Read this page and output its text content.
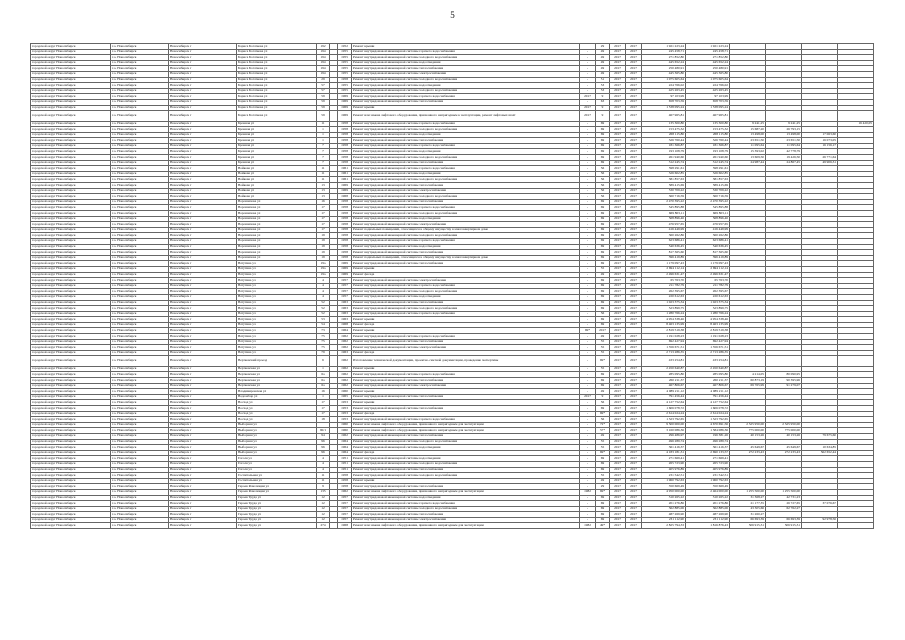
5
городской округ Новосибирск	г.о. Новосибирск	Новосибирск г	Бориса Богаткова ул	192		1952	Ремонт крыши		29	2017	2017	1 921 223,24	1 921 223,24				
городской округ Новосибирск	г.о. Новосибирск	Новосибирск г	Бориса Богаткова ул	194		1955	Ремонт внутридомовой инженерной системы горячего водоснабжения	-	49	2017	2017	245 458,71	245 458,71				
городской округ Новосибирск	г.о. Новосибирск	Новосибирск г	Бориса Богаткова ул	194		1955	Ремонт внутридомовой инженерной системы холодного водоснабжения	-	49	2017	2017	271 852,80	271 852,80				
городской округ Новосибирск	г.о. Новосибирск	Новосибирск г	Бориса Богаткова ул	194		1955	Ремонт внутридомовой инженерной системы водоотведения	-	49	2017	2017	445 652,24	445 652,24				
городской округ Новосибирск	г.о. Новосибирск	Новосибирск г	Бориса Богаткова ул	194		1955	Ремонт внутридомовой инженерной системы теплоснабжения	-	49	2017	2017	250 480,91	250 480,91				
городской округ Новосибирск	г.о. Новосибирск	Новосибирск г	Бориса Богаткова ул	194		1955	Ремонт внутридомовой инженерной системы электроснабжения	-	49	2017	2017	445 365,80	445 365,80				
городской округ Новосибирск	г.о. Новосибирск	Новосибирск г	Бориса Богаткова ул	29		1958	Ремонт внутридомовой инженерной системы холодного водоснабжения	-	51	2017	2017	1 075 605,64	1 075 605,64				
городской округ Новосибирск	г.о. Новосибирск	Новосибирск г	Бориса Богаткова ул	57		1955	Ремонт внутридомовой инженерной системы водоотведения	-	53	2017	2017	224 766,02	224 766,02				
городской округ Новосибирск	г.о. Новосибирск	Новосибирск г	Бориса Богаткова ул	57		1955	Ремонт внутридомовой инженерной системы холодного водоснабжения	-	53	2017	2017	425 263,45	425 263,45				
городской округ Новосибирск	г.о. Новосибирск	Новосибирск г	Бориса Богаткова ул	59		1969	Ремонт внутридомовой инженерной системы горячего водоснабжения	2017	9	2017	2017	97 103,99	97 103,99				
городской округ Новосибирск	г.о. Новосибирск	Новосибирск г	Бориса Богаткова ул	59		1969	Ремонт внутридомовой инженерной системы теплоснабжения	-	63	2017	2017	658 703,59	658 703,59				
городской округ Новосибирск	г.о. Новосибирск	Новосибирск г	Бориса Богаткова ул	59		1969	Ремонт крыши	2017	9	2017	2017	1 538 095,24	1 538 095,24				
городской округ Новосибирск	г.о. Новосибирск	Новосибирск г	Бориса Богаткова ул	59		1969	Ремонт или замена лифтового оборудования, признанного непригодным к эксплуатации, ремонт лифтовых шахт	2017	9	2017	2017	467 965,81	467 965,81				
городской округ Новосибирск	г.о. Новосибирск	Новосибирск г	Бронная ул	11		1958	Ремонт внутридомовой инженерной системы горячего водоснабжения	-	69	2017	2017	135 300,80	135 300,80	9 241,25	9 241,25		16 420,05
городской округ Новосибирск	г.о. Новосибирск	Новосибирск г	Бронная ул	1		1958	Ремонт внутридомовой инженерной системы холодного водоснабжения	-	69	2017	2017	153 475,32	153 475,32	15 687,20	26 793,15		
городской округ Новосибирск	г.о. Новосибирск	Новосибирск г	Бронная ул	1		1958	Ремонт внутридомовой инженерной системы водоотведения	-	69	2017	2017	268 115,80	268 115,80	13 498,00	13 498,00	17 063,60	
городской округ Новосибирск	г.о. Новосибирск	Новосибирск г	Бронная ул	1		1958	Ремонт внутридомовой инженерной системы теплоснабжения	-	69	2017	2017	326 760,44	326 760,44	23 651,50	23 651,50	16 073,05	
городской округ Новосибирск	г.о. Новосибирск	Новосибирск г	Бронная ул	7		1958	Ремонт внутридомовой инженерной системы горячего водоснабжения	-	69	2017	2017	181 366,87	181 366,87	11 095,64	11 095,64	16 156,17	
городской округ Новосибирск	г.о. Новосибирск	Новосибирск г	Бронная ул	7		1958	Ремонт внутридомовой инженерной системы водоотведения	-	69	2017	2017	193 108,79	193 108,79	15 393,02	42 778,79		
городской округ Новосибирск	г.о. Новосибирск	Новосибирск г	Бронная ул	7		1958	Ремонт внутридомовой инженерной системы холодного водоснабжения	-	69	2017	2017	261 940,60	261 940,60	13 609,50	19 426,50	26 771,64	
городской округ Новосибирск	г.о. Новосибирск	Новосибирск г	Бронная ул	7		1958	Ремонт внутридомовой инженерной системы теплоснабжения	-	69	2017	2017	312 245,74	312 245,74	24 987,44	24 867,45	49 906,31	
городской округ Новосибирск	г.о. Новосибирск	Новосибирск г	Войкова ул	11		1961	Ремонт внутридомовой инженерной системы горячего водоснабжения	-	56	2017	2017	598 291,61	598 291,61				
городской округ Новосибирск	г.о. Новосибирск	Новосибирск г	Войкова ул	11		1961	Ремонт внутридомовой инженерной системы водоотведения	-	56	2017	2017	326 602,85	326 602,85				
городской округ Новосибирск	г.о. Новосибирск	Новосибирск г	Войкова ул	11		1961	Ремонт внутридомовой инженерной системы холодного водоснабжения	-	56	2017	2017	381 857,63	381 857,63				
городской округ Новосибирск	г.о. Новосибирск	Новосибирск г	Войкова ул	13		1969	Ремонт внутридомовой инженерной системы теплоснабжения	-	56	2017	2017	589 415,69	589 415,69				
городской округ Новосибирск	г.о. Новосибирск	Новосибирск г	Войкова ул	13		1969	Ремонт внутридомовой инженерной системы электроснабжения	-	56	2017	2017	530 709,22	530 709,22				
городской округ Новосибирск	г.о. Новосибирск	Новосибирск г	Войкова ул	13		1968	Ремонт внутридомовой инженерной системы холодного водоснабжения	-	56	2017	2017	360 716,59	360 716,59				
городской округ Новосибирск	г.о. Новосибирск	Новосибирск г	Ворошилова ул	16		1958	Ремонт внутридомовой инженерной системы теплоснабжения	-	69	2017	2017	2 470 395,22	2 470 395,22				
городской округ Новосибирск	г.о. Новосибирск	Новосибирск г	Ворошилова ул	17		1958	Ремонт внутридомовой инженерной системы горячего водоснабжения	-	69	2017	2017	545 895,88	545 895,88				
городской округ Новосибирск	г.о. Новосибирск	Новосибирск г	Ворошилова ул	17		1958	Ремонт внутридомовой инженерной системы холодного водоснабжения	-	69	2017	2017	669 803,11	669 803,11				
городской округ Новосибирск	г.о. Новосибирск	Новосибирск г	Ворошилова ул	17		1958	Ремонт внутридомовой инженерной системы водоотведения	-	69	2017	2017	568 896,46	568 896,46				
городской округ Новосибирск	г.о. Новосибирск	Новосибирск г	Ворошилова ул	17		1958	Ремонт внутридомовой инженерной системы электроснабжения	-	69	2017	2017	476 957,65	476 957,65				
городской округ Новосибирск	г.о. Новосибирск	Новосибирск г	Ворошилова ул	17		1958	Ремонт подвальных помещений, относящихся к общему имуществу в многоквартирном доме	-	69	2017	2017	416 449,99	416 449,99				
городской округ Новосибирск	г.о. Новосибирск	Новосибирск г	Ворошилова ул	19		1958	Ремонт внутридомовой инженерной системы холодного водоснабжения	-	69	2017	2017	360 262,86	360 262,86				
городской округ Новосибирск	г.о. Новосибирск	Новосибирск г	Ворошилова ул	19		1958	Ремонт внутридомовой инженерной системы горячего водоснабжения	-	69	2017	2017	623 686,41	623 686,41				
городской округ Новосибирск	г.о. Новосибирск	Новосибирск г	Ворошилова ул	19		1958	Ремонт внутридомовой инженерной системы водоотведения	-	69	2017	2017	540 636,45	540 636,45				
городской округ Новосибирск	г.о. Новосибирск	Новосибирск г	Ворошилова ул	19		1958	Ремонт внутридомовой инженерной системы теплоснабжения	-	69	2017	2017	817 365,60	817 365,60				
городской округ Новосибирск	г.о. Новосибирск	Новосибирск г	Ворошилова ул	19		1958	Ремонт подвальных помещений, относящихся к общему имуществу в многоквартирном доме	-	69	2017	2017	396 419,89	396 419,89				
городской округ Новосибирск	г.о. Новосибирск	Новосибирск г	Ватутина ул	19a		1969	Ремонт внутридомовой инженерной системы теплоснабжения	-	69	2017	2017	1 179 097,43	1 179 097,43				
городской округ Новосибирск	г.о. Новосибирск	Новосибирск г	Ватутина ул	19a		1969	Ремонт крыши	-	55	2017	2017	2 694 112,14	2 694 112,14				
городской округ Новосибирск	г.о. Новосибирск	Новосибирск г	Ватутина ул	19a		1969	Ремонт фасада	-	49	2017	2017	2 496 631,47	2 496 631,47				
городской округ Новосибирск	г.о. Новосибирск	Новосибирск г	Ватутина ул	4		1957	Ремонт внутридомовой инженерной системы электроснабжения	-	69	2017	2017	65 763,70	65 763,70				
городской округ Новосибирск	г.о. Новосибирск	Новосибирск г	Ватутина ул	4		1957	Ремонт внутридомовой инженерной системы горячего водоснабжения	-	69	2017	2017	211 782,79	211 782,79				
городской округ Новосибирск	г.о. Новосибирск	Новосибирск г	Ватутина ул	4		1957	Ремонт внутридомовой инженерной системы холодного водоснабжения	-	69	2017	2017	262 395,67	262 395,67				
городской округ Новосибирск	г.о. Новосибирск	Новосибирск г	Ватутина ул	4		1957	Ремонт внутридомовой инженерной системы водоотведения	-	69	2017	2017	220 612,63	220 612,63				
городской округ Новосибирск	г.о. Новосибирск	Новосибирск г	Ватутина ул	52		1963	Ремонт внутридомовой инженерной системы теплоснабжения	-	69	2017	2017	1 023 375,34	1 023 375,34				
городской округ Новосибирск	г.о. Новосибирск	Новосибирск г	Ватутина ул	52		1963	Ремонт внутридомовой инженерной системы холодного водоснабжения	-	69	2017	2017	523 899,75	523 899,75				
городской округ Новосибирск	г.о. Новосибирск	Новосибирск г	Ватутина ул	52		1963	Ремонт внутридомовой инженерной системы горячего водоснабжения	-	56	2017	2017	1 280 766,24	1 280 766,24				
городской округ Новосибирск	г.о. Новосибирск	Новосибирск г	Ватутина ул	53		1963	Ремонт крыши	-	69	2017	2017	4 954 338,46	4 954 338,46				
городской округ Новосибирск	г.о. Новосибирск	Новосибирск г	Ватутина ул	54		1968	Ремонт фасада	-	69	2017	2017	8 463 135,99	8 463 135,99				
городской округ Новосибирск	г.о. Новосибирск	Новосибирск г	Ватутина ул	73		1964	Ремонт крыши	69*	2017	2017		2 819 519,38	2 819 519,38				
городской округ Новосибирск	г.о. Новосибирск	Новосибирск г	Ватутина ул	75		1962	Ремонт внутридомовой инженерной системы горячего водоснабжения	-	49	2017	2017	1 191 028,23	1 191 028,23				
городской округ Новосибирск	г.о. Новосибирск	Новосибирск г	Ватутина ул	75		1962	Ремонт внутридомовой инженерной системы теплоснабжения	-	55	2017	2017	692 427,94	692 427,94				
городской округ Новосибирск	г.о. Новосибирск	Новосибирск г	Ватутина ул	75		1962	Ремонт внутридомовой инженерной системы электроснабжения	-	55	2017	2017	1 356 671,51	1 356 671,51				
городской округ Новосибирск	г.о. Новосибирск	Новосибирск г	Ватутина ул	79		1963	Ремонт фасада	-	55	2017	2017	2 713 286,35	2 713 286,35				
городской округ Новосибирск	г.о. Новосибирск	Новосибирск г	Вертковский проезд	6		1962	Изготовление технической документации, проектно-сметной документации, проведение экспертизы	-	69*	2017	2017	433 254,81	433 254,81				
городской округ Новосибирск	г.о. Новосибирск	Новосибирск г	Вертковская ул	1		1962	Ремонт крыши	-	55	2017	2017	2 450 640,87	2 450 640,87				
городской округ Новосибирск	г.о. Новосибирск	Новосибирск г	Вертковская ул	6a		1962	Ремонт внутридомовой инженерной системы горячего водоснабжения	-	69	2017	2017	285 095,80	285 095,80	4 214,05	80 090,95		
городской округ Новосибирск	г.о. Новосибирск	Новосибирск г	Вертковская ул	6a		1962	Ремонт внутридомовой инженерной системы теплоснабжения	-	69	2017	2017	260 211,37	260 211,37	60 873,19	90 395,96		
городской округ Новосибирск	г.о. Новосибирск	Новосибирск г	Вертковская ул	6a		1962	Ремонт внутридомовой инженерной системы электроснабжения	-	69	2017	2017	467 806,67	467 806,67	69 765,99	91 279,07		
городской округ Новосибирск	г.о. Новосибирск	Новосибирск г	Владимировская ул	16		1960	Ремонт крыши	-	49	2017	2017	4 089 211,12	4 089 211,12				
городской округ Новосибирск	г.о. Новосибирск	Новосибирск г	Водозабор ул	1		1965	Ремонт внутридомовой инженерной системы теплоснабжения	2017	9	2017	2017	791 456,44	791 456,44				
городской округ Новосибирск	г.о. Новосибирск	Новосибирск г	Восход ул	17		1953	Ремонт крыши	-	56	2017	2017	4 127 752,64	4 127 752,64				
городской округ Новосибирск	г.о. Новосибирск	Новосибирск г	Восход ул	17		1953	Ремонт внутридомовой инженерной системы теплоснабжения	-	69	2017	2017	1 606 078,72	1 606 078,72				
городской округ Новосибирск	г.о. Новосибирск	Новосибирск г	Восход ул	17		1953	Ремонт фасада	-	69*	2017	2017	2 614 024,24	2 614 024,24				
городской округ Новосибирск	г.о. Новосибирск	Новосибирск г	Восход ул	18		1953	Ремонт внутридомовой инженерной системы горячего водоснабжения	-	56	2017	2017	1 323 792,65	1 323 792,65				
городской округ Новосибирск	г.о. Новосибирск	Новосибирск г	Выборная ул			1960	Ремонт или замена лифтового оборудования, признанного непригодным для эксплуатации	-	72*	2017	2017	9 500 000,00	4 670 691,56	2 325 950,00	2 325 950,00		
городской округ Новосибирск	г.о. Новосибирск	Новосибирск г	Выборная ул	90/1		1960	Ремонт или замена лифтового оборудования, признанного непригодным для эксплуатации	-	57*	2017	2017	3 160 086,36	1 584 086,36	775 000,00	775 000,00		
городской округ Новосибирск	г.о. Новосибирск	Новосибирск г	Выборная ул	94		1962	Ремонт внутридомовой инженерной системы теплоснабжения	-	49	2017	2017	296 486,97	196 381,26	40 153,26	40 153,26	79 675,60	
городской округ Новосибирск	г.о. Новосибирск	Новосибирск г	Выборная ул	96		1964	Ремонт внутридомовой инженерной системы холодного водоснабжения	-	55	2017	2017	496 289,74	496 289,74				
городской округ Новосибирск	г.о. Новосибирск	Новосибирск г	Выборная ул	96		1964	Ремонт внутридомовой инженерной системы водоотведения	-	55	2017	2017	361 416,37	361 416,37	45 649,67	45 649,67	10 634,85	
городской округ Новосибирск	г.о. Новосибирск	Новосибирск г	Выборная ул	96		1964	Ремонт фасада	-	69*	2017	2017	4 183 181,31	2 690 133,57	272 233,43	272 233,43	562 652,44	
городской округ Новосибирск	г.о. Новосибирск	Новосибирск г	Гоголя ул	4		1951	Ремонт внутридомовой инженерной системы водоотведения	-	69	2017	2017	271 669,41	271 669,41				
городской округ Новосибирск	г.о. Новосибирск	Новосибирск г	Гоголя ул	4		1951	Ремонт внутридомовой инженерной системы холодного водоснабжения	-	69	2017	2017	265 723,90	265 723,90				
городской округ Новосибирск	г.о. Новосибирск	Новосибирск г	Гоголя ул	4		1951	Ремонт внутридомовой инженерной системы теплоснабжения	-	69	2017	2017	405 976,89	405 976,89				
городской округ Новосибирск	г.о. Новосибирск	Новосибирск г	Госпитальная ул	11		1958	Ремонт внутридомовой инженерной системы холодного водоснабжения	-	55	2017	2017	231 542,51	231 542,51				
городской округ Новосибирск	г.о. Новосибирск	Новосибирск г	Госпитальная ул	11		1958	Ремонт крыши	-	49	2017	2017	1 960 792,63	1 960 792,63				
городской округ Новосибирск	г.о. Новосибирск	Новосибирск г	Героев Революции ул	9		1958	Ремонт внутридомовой инженерной системы теплоснабжения	-	29	2017	2017	350 669,49	350 669,49				
городской округ Новосибирск	г.о. Новосибирск	Новосибирск г	Героев Революции ул	135		1962	Ремонт или замена лифтового оборудования, признанного непригодным для эксплуатации	1982	69*	2017	2017	4 950 000,00	2 464 000,00	1 255 500,00	1 255 500,00		
городской округ Новосибирск	г.о. Новосибирск	Новосибирск г	Героев Труда ул	12		1957	Ремонт внутридомовой инженерной системы водоотведения	-	69	2017	2017	310 265,22	310 265,22	31 368,27	42 731,23		
городской округ Новосибирск	г.о. Новосибирск	Новосибирск г	Героев Труда ул	12		1957	Ремонт внутридомовой инженерной системы горячего водоснабжения	-	69	2017	2017	201 276,86	201 276,86	21 177,35	26 727,65	37 076,67	
городской округ Новосибирск	г.о. Новосибирск	Новосибирск г	Героев Труда ул	12		1957	Ремонт внутридомовой инженерной системы холодного водоснабжения	-	69	2017	2017	362 885,06	362 885,06	43 305,66	62 762,27		
городской округ Новосибирск	г.о. Новосибирск	Новосибирск г	Героев Труда ул	12		1957	Ремонт внутридомовой инженерной системы теплоснабжения	-	69	2017	2017	487 269,90	487 269,90	31 260,27			
городской округ Новосибирск	г.о. Новосибирск	Новосибирск г	Героев Труда ул	12		1957	Ремонт внутридомовой инженерной системы электроснабжения	-	69	2017	2017	231 112,90	231 112,90	66 693,39	66 693,39	92 978,56	
городской округ Новосибирск	г.о. Новосибирск	Новосибирск г	Героев Труда ул	274		1968	Ремонт или замена лифтового оборудования, признанного непригодным для эксплуатации	1982	49*	2017	2017	2 825 794,33	1 816 876,43	506 915,31	506 915,31		
